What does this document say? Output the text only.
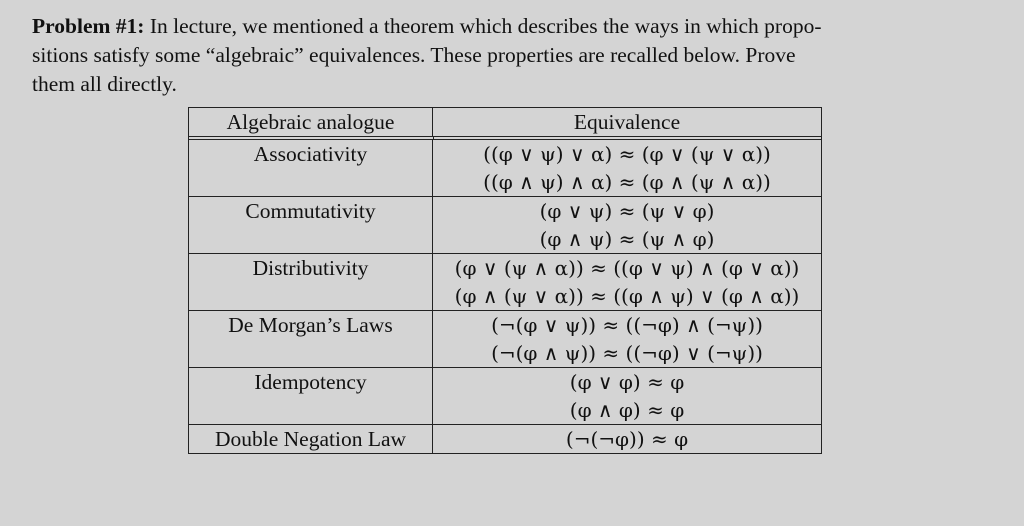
Problem #1: In lecture, we mentioned a theorem which describes the ways in which propo-
sitions satisfy some “algebraic” equivalences. These properties are recalled below. Prove
them all directly.
Algebraic analogue	Equivalence
Associativity	((φ ∨ ψ) ∨ α) ≈ (φ ∨ (ψ ∨ α))
((φ ∧ ψ) ∧ α) ≈ (φ ∧ (ψ ∧ α))
Commutativity	(φ ∨ ψ) ≈ (ψ ∨ φ)
(φ ∧ ψ) ≈ (ψ ∧ φ)
Distributivity	(φ ∨ (ψ ∧ α)) ≈ ((φ ∨ ψ) ∧ (φ ∨ α))
(φ ∧ (ψ ∨ α)) ≈ ((φ ∧ ψ) ∨ (φ ∧ α))
De Morgan’s Laws	(¬(φ ∨ ψ)) ≈ ((¬φ) ∧ (¬ψ))
(¬(φ ∧ ψ)) ≈ ((¬φ) ∨ (¬ψ))
Idempotency	(φ ∨ φ) ≈ φ
(φ ∧ φ) ≈ φ
Double Negation Law	(¬(¬φ)) ≈ φ
